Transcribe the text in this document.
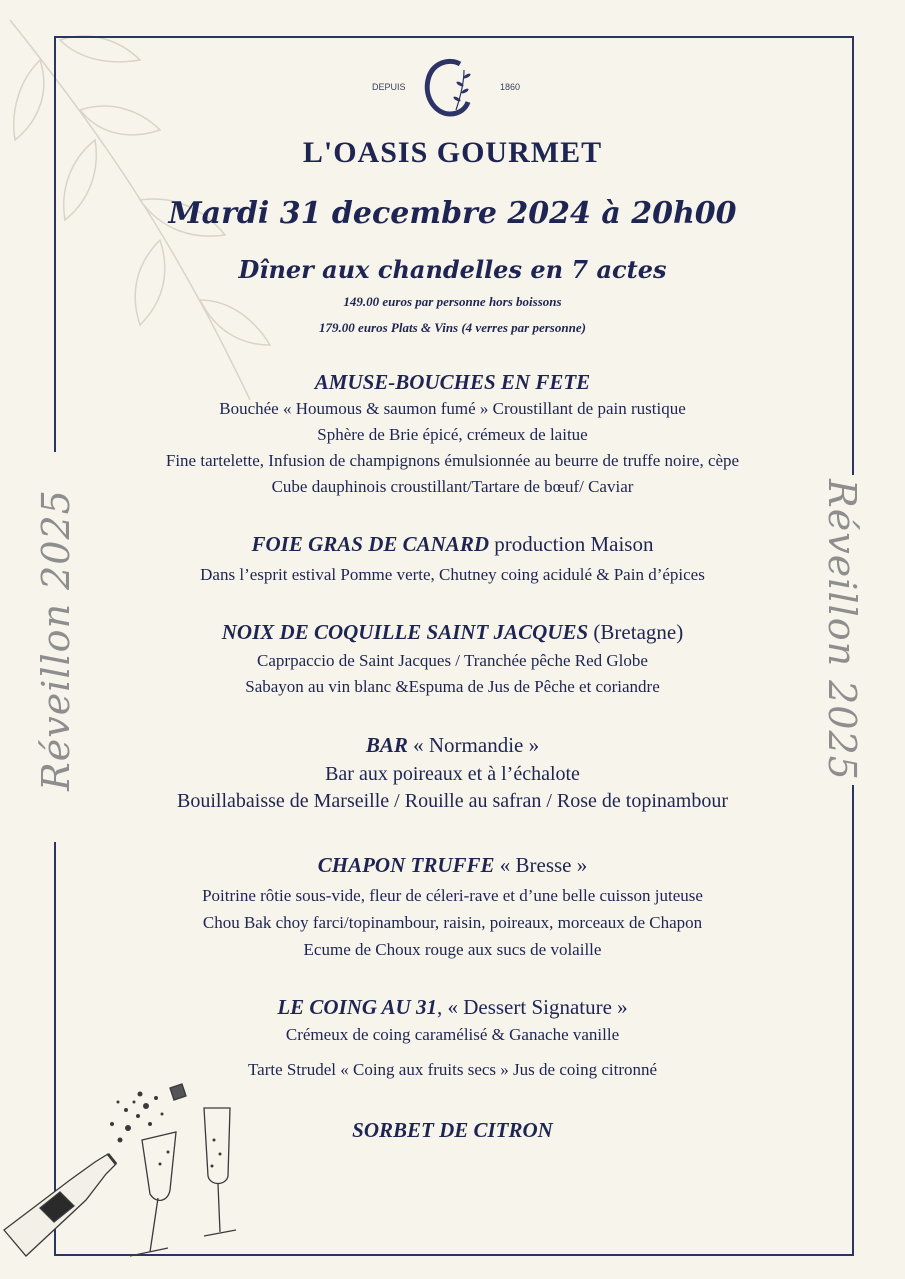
Réveillon 2025	Réveillon 2025
DEPUIS	1860
L'OASIS GOURMET
Mardi 31 decembre 2024 à 20h00
Dîner aux chandelles en 7 actes
149.00 euros par personne hors boissons
179.00 euros Plats & Vins (4 verres par personne)
AMUSE-BOUCHES EN FETE
Bouchée « Houmous & saumon fumé » Croustillant de pain rustique
Sphère de Brie épicé, crémeux de laitue
Fine tartelette, Infusion de champignons émulsionnée au beurre de truffe noire, cèpe
Cube dauphinois croustillant/Tartare de bœuf/ Caviar
FOIE GRAS DE CANARD production Maison
Dans l’esprit estival Pomme verte, Chutney coing acidulé & Pain d’épices
NOIX DE COQUILLE SAINT JACQUES (Bretagne)
Caprpaccio de Saint Jacques / Tranchée pêche Red Globe
Sabayon au vin blanc &Espuma de Jus de Pêche et coriandre
BAR « Normandie »
Bar aux poireaux et à l’échalote
Bouillabaisse de Marseille / Rouille au safran / Rose de topinambour
CHAPON TRUFFE « Bresse »
Poitrine rôtie sous-vide, fleur de céleri-rave et d’une belle cuisson juteuse
Chou Bak choy farci/topinambour, raisin, poireaux, morceaux de Chapon
Ecume de Choux rouge aux sucs de volaille
LE COING AU 31, « Dessert Signature »
Crémeux de coing caramélisé & Ganache vanille
Tarte Strudel « Coing aux fruits secs » Jus de coing citronné
SORBET DE CITRON
